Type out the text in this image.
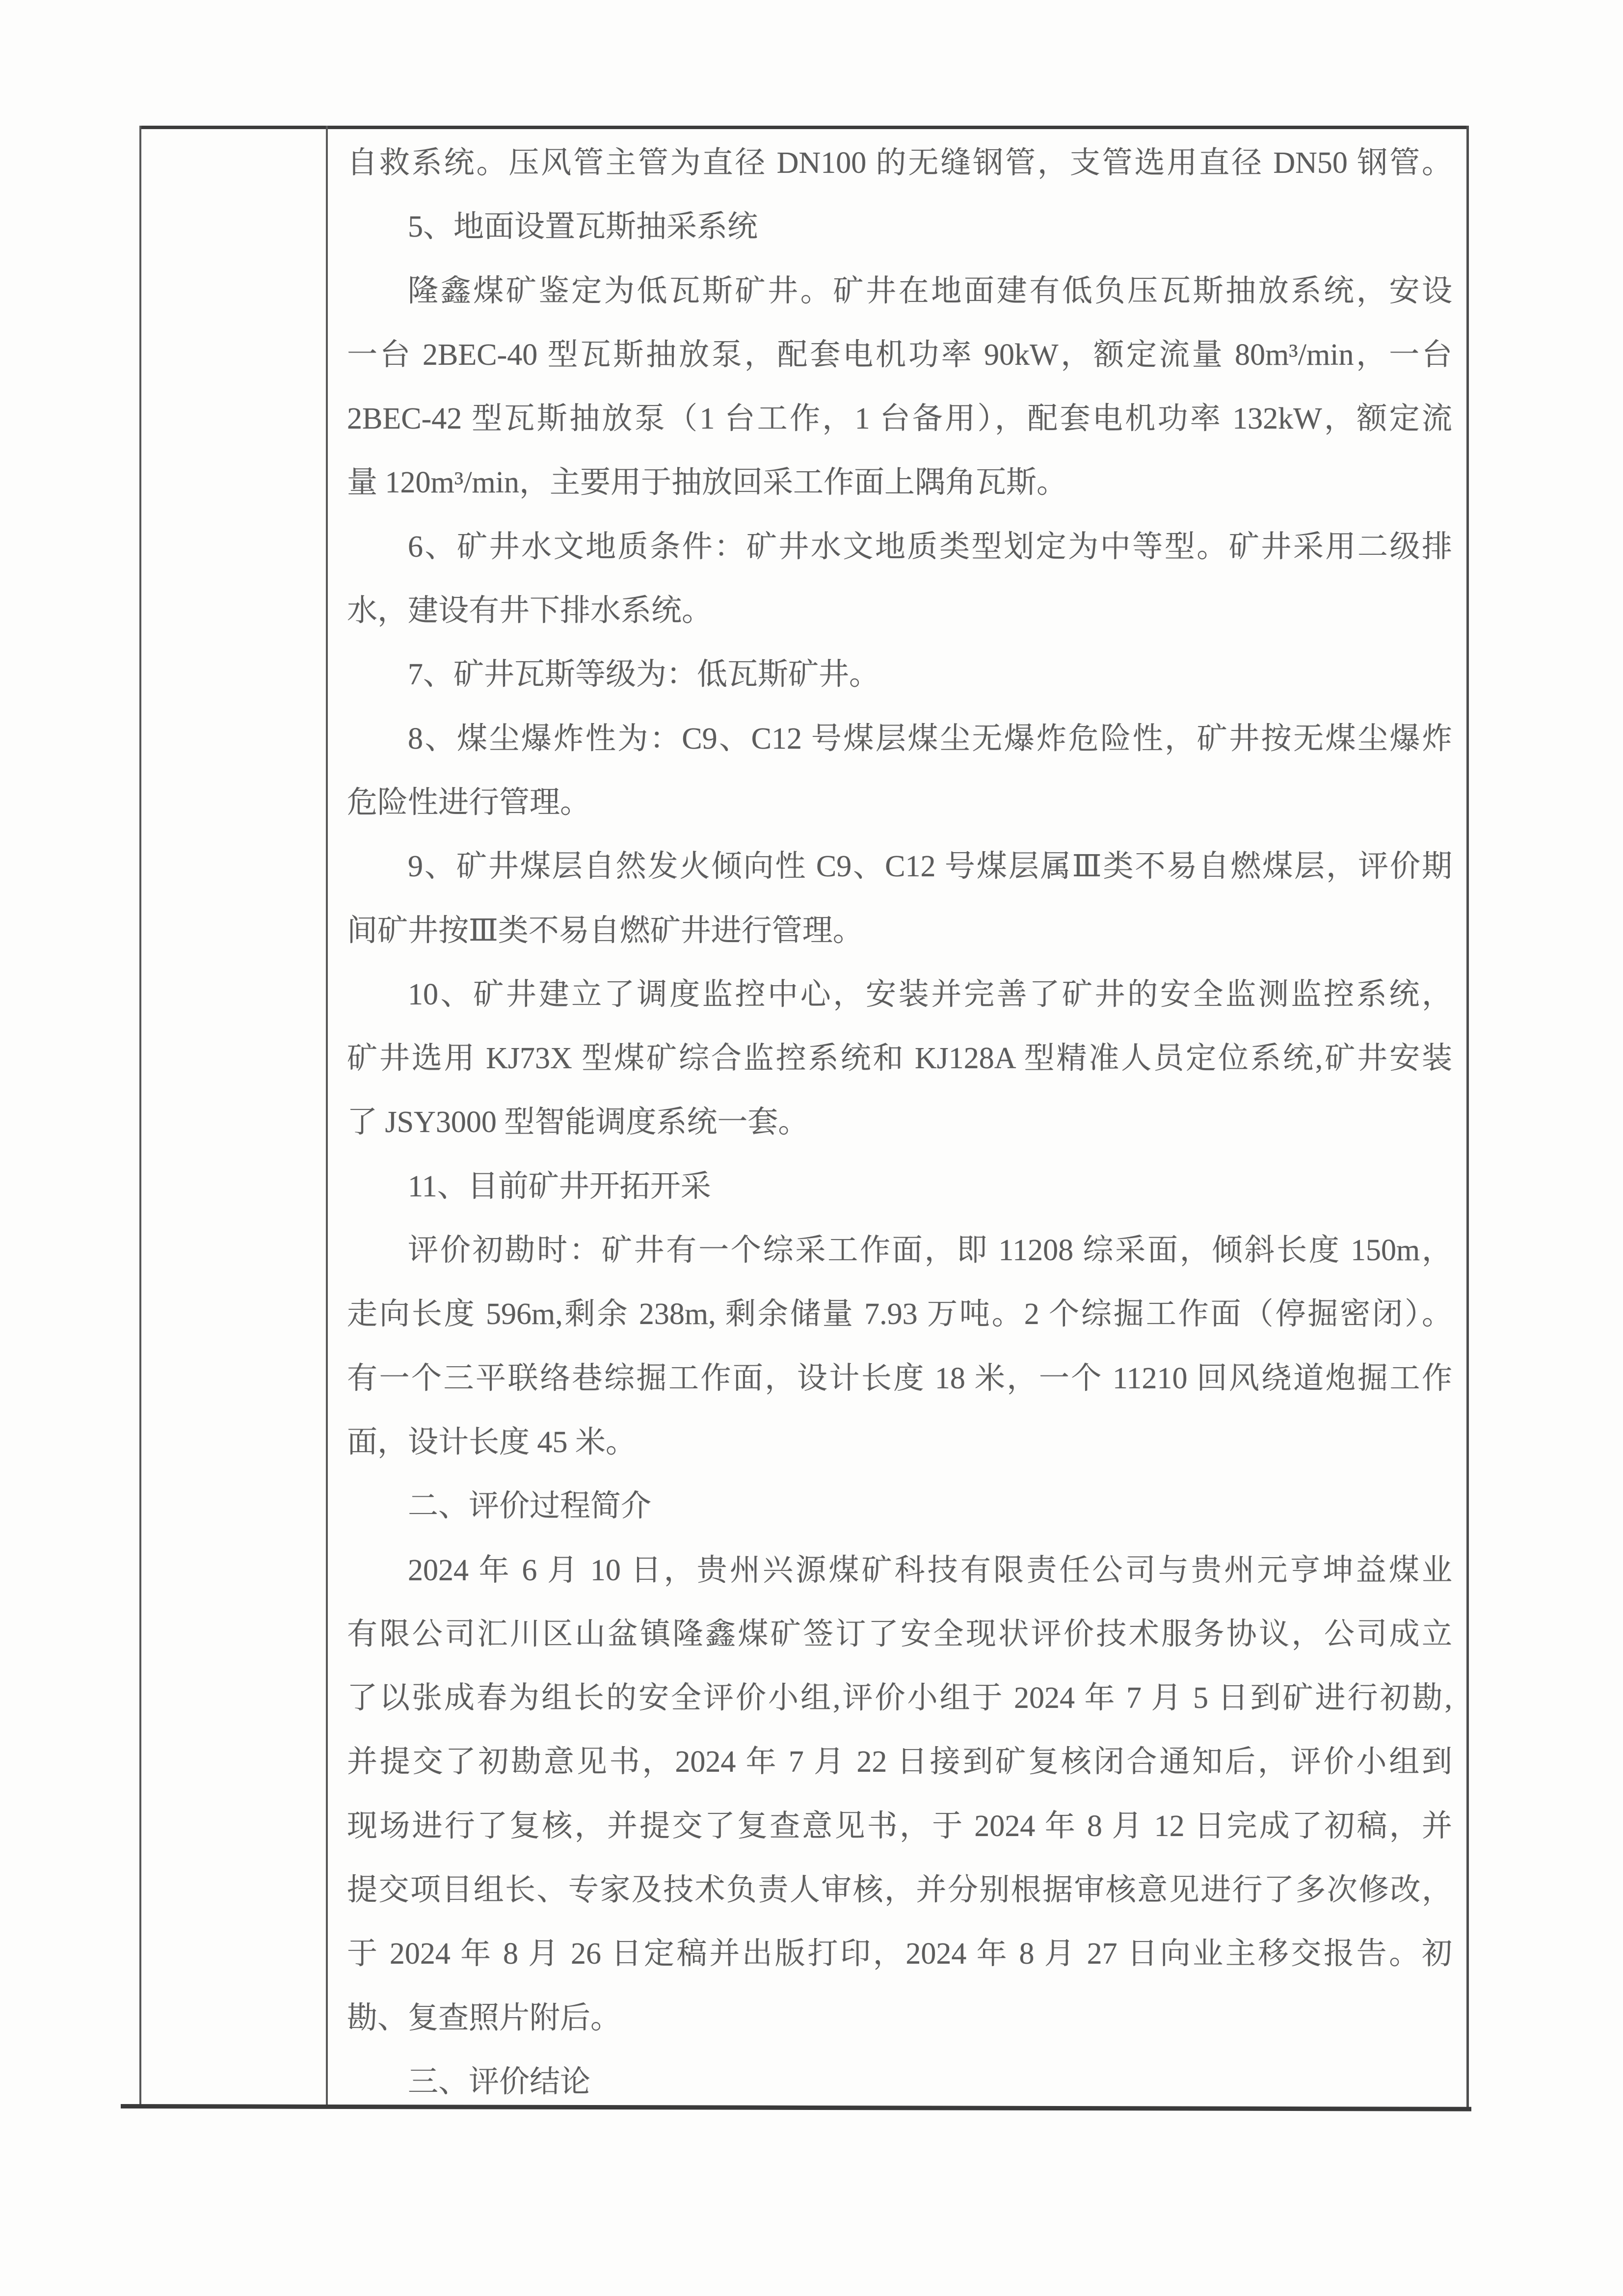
自救系统。压风管主管为直径 DN100 的无缝钢管，支管选用直径 DN50 钢管。
5、地面设置瓦斯抽采系统
隆鑫煤矿鉴定为低瓦斯矿井。矿井在地面建有低负压瓦斯抽放系统，安设
一台 2BEC-40 型瓦斯抽放泵，配套电机功率 90kW，额定流量 80m³/min，一台
2BEC-42 型瓦斯抽放泵（1 台工作，1 台备用），配套电机功率 132kW，额定流
量 120m³/min，主要用于抽放回采工作面上隅角瓦斯。
6、矿井水文地质条件：矿井水文地质类型划定为中等型。矿井采用二级排
水，建设有井下排水系统。
7、矿井瓦斯等级为：低瓦斯矿井。
8、煤尘爆炸性为：C9、C12 号煤层煤尘无爆炸危险性，矿井按无煤尘爆炸
危险性进行管理。
9、矿井煤层自然发火倾向性 C9、C12 号煤层属Ⅲ类不易自燃煤层，评价期
间矿井按Ⅲ类不易自燃矿井进行管理。
10、矿井建立了调度监控中心，安装并完善了矿井的安全监测监控系统，
矿井选用 KJ73X 型煤矿综合监控系统和 KJ128A 型精准人员定位系统,矿井安装
了 JSY3000 型智能调度系统一套。
11、目前矿井开拓开采
评价初勘时：矿井有一个综采工作面，即 11208 综采面，倾斜长度 150m，
走向长度 596m,剩余 238m, 剩余储量 7.93 万吨。2 个综掘工作面（停掘密闭）。
有一个三平联络巷综掘工作面，设计长度 18 米，一个 11210 回风绕道炮掘工作
面，设计长度 45 米。
二、评价过程简介
2024 年 6 月 10 日，贵州兴源煤矿科技有限责任公司与贵州元亨坤益煤业
有限公司汇川区山盆镇隆鑫煤矿签订了安全现状评价技术服务协议，公司成立
了以张成春为组长的安全评价小组,评价小组于 2024 年 7 月 5 日到矿进行初勘,
并提交了初勘意见书，2024 年 7 月 22 日接到矿复核闭合通知后，评价小组到
现场进行了复核，并提交了复查意见书，于 2024 年 8 月 12 日完成了初稿，并
提交项目组长、专家及技术负责人审核，并分别根据审核意见进行了多次修改，
于 2024 年 8 月 26 日定稿并出版打印，2024 年 8 月 27 日向业主移交报告。初
勘、复查照片附后。
三、评价结论
